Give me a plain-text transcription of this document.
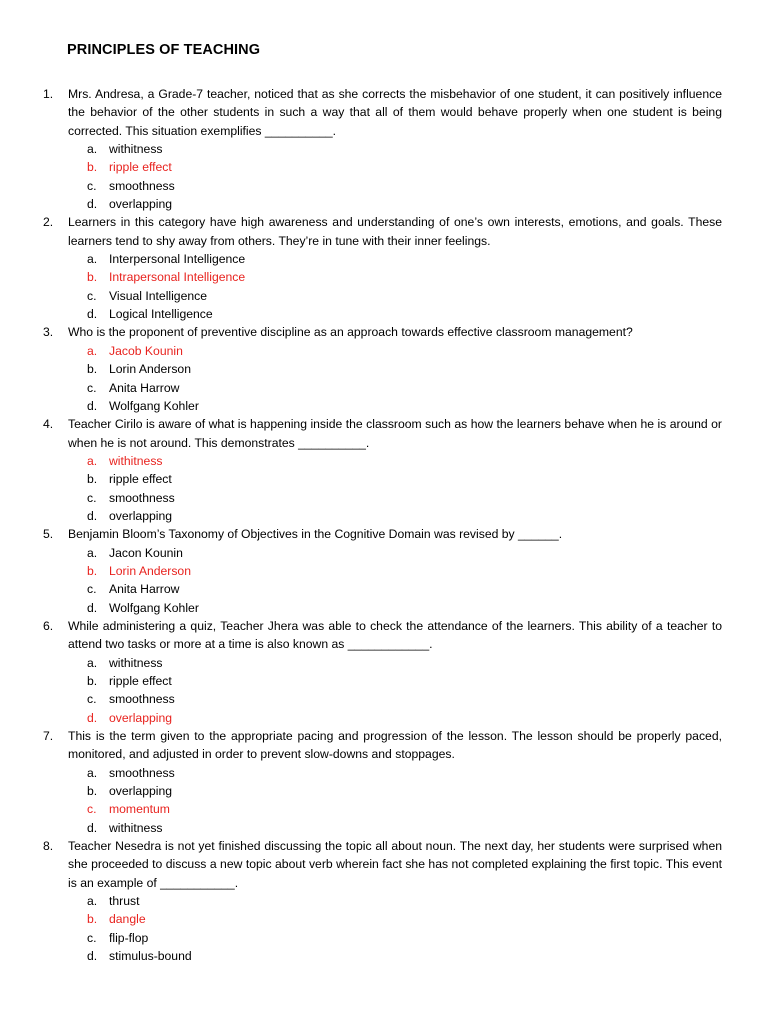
PRINCIPLES OF TEACHING
1. Mrs. Andresa, a Grade-7 teacher, noticed that as she corrects the misbehavior of one student, it can positively influence the behavior of the other students in such a way that all of them would behave properly when one student is being corrected. This situation exemplifies __________.
a. withitness
b. ripple effect
c. smoothness
d. overlapping
2. Learners in this category have high awareness and understanding of one’s own interests, emotions, and goals. These learners tend to shy away from others. They’re in tune with their inner feelings.
a. Interpersonal Intelligence
b. Intrapersonal Intelligence
c. Visual Intelligence
d. Logical Intelligence
3. Who is the proponent of preventive discipline as an approach towards effective classroom management?
a. Jacob Kounin
b. Lorin Anderson
c. Anita Harrow
d. Wolfgang Kohler
4. Teacher Cirilo is aware of what is happening inside the classroom such as how the learners behave when he is around or when he is not around. This demonstrates __________.
a. withitness
b. ripple effect
c. smoothness
d. overlapping
5. Benjamin Bloom’s Taxonomy of Objectives in the Cognitive Domain was revised by ______.
a. Jacon Kounin
b. Lorin Anderson
c. Anita Harrow
d. Wolfgang Kohler
6. While administering a quiz, Teacher Jhera was able to check the attendance of the learners. This ability of a teacher to attend two tasks or more at a time is also known as ____________.
a. withitness
b. ripple effect
c. smoothness
d. overlapping
7. This is the term given to the appropriate pacing and progression of the lesson. The lesson should be properly paced, monitored, and adjusted in order to prevent slow-downs and stoppages.
a. smoothness
b. overlapping
c. momentum
d. withitness
8. Teacher Nesedra is not yet finished discussing the topic all about noun. The next day, her students were surprised when she proceeded to discuss a new topic about verb wherein fact she has not completed explaining the first topic. This event is an example of ___________.
a. thrust
b. dangle
c. flip-flop
d. stimulus-bound
